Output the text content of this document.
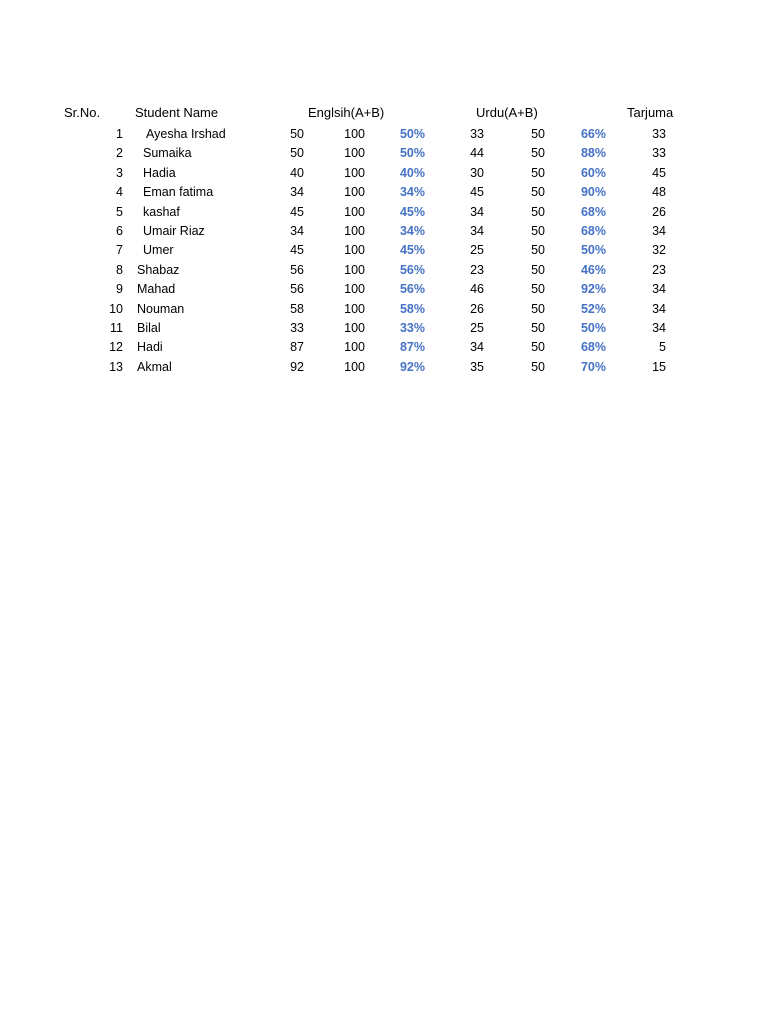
Sr.No.	Student Name	Englsih(A+B)	Urdu(A+B)	Tarjuma
1	Ayesha Irshad	50	100	50%	33	50	66%	33
2	Sumaika	50	100	50%	44	50	88%	33
3	Hadia	40	100	40%	30	50	60%	45
4	Eman fatima	34	100	34%	45	50	90%	48
5	kashaf	45	100	45%	34	50	68%	26
6	Umair Riaz	34	100	34%	34	50	68%	34
7	Umer	45	100	45%	25	50	50%	32
8 Shabaz	56	100	56%	23	50	46%	23
9 Mahad	56	100	56%	46	50	92%	34
10 Nouman	58	100	58%	26	50	52%	34
11 Bilal	33	100	33%	25	50	50%	34
12 Hadi	87	100	87%	34	50	68%	5
13 Akmal	92	100	92%	35	50	70%	15
